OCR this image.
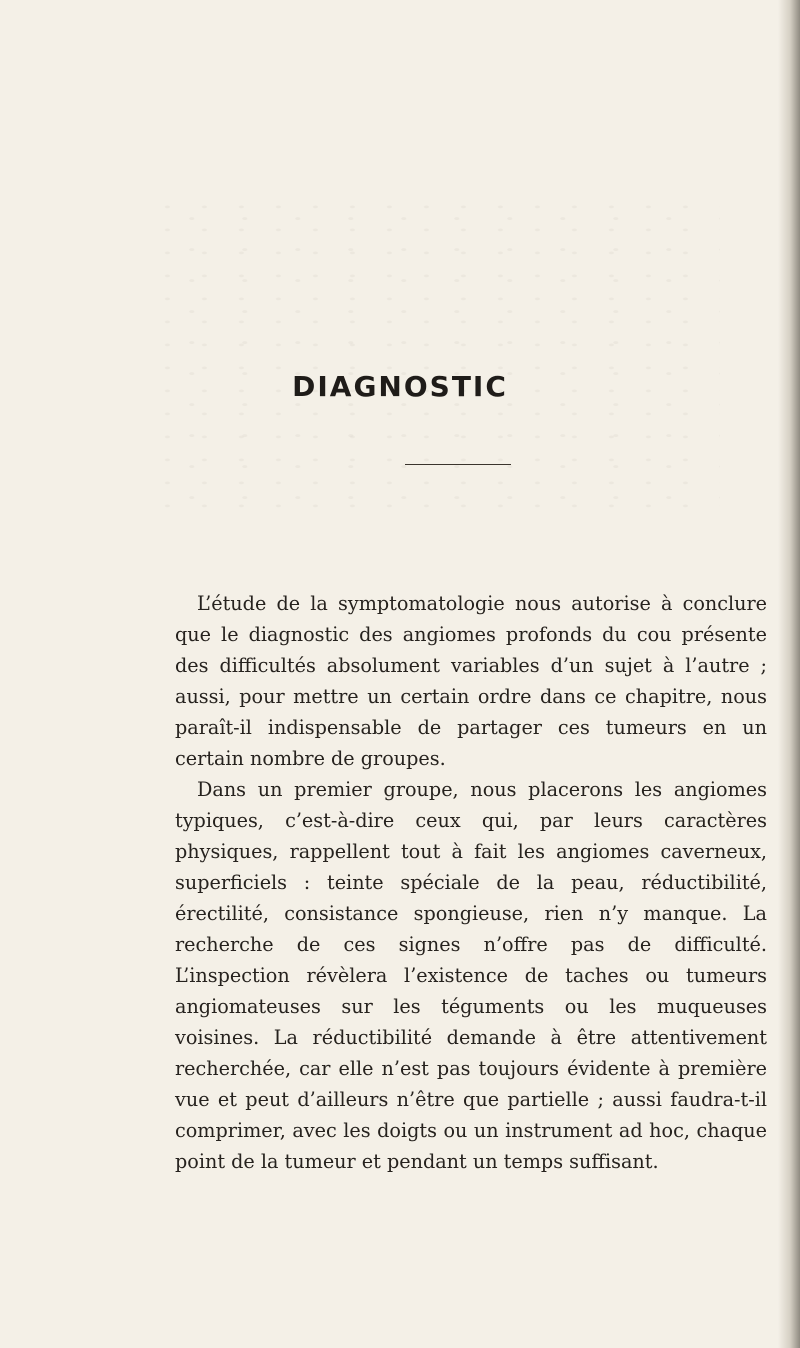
DIAGNOSTIC

L’étude de la symptomatologie nous autorise à conclure que le diagnostic des angiomes profonds du cou présente des difficultés absolument variables d’un sujet à l’autre ; aussi, pour mettre un certain ordre dans ce chapitre, nous paraît-il indispensable de partager ces tumeurs en un certain nombre de groupes.

Dans un premier groupe, nous placerons les angiomes typiques, c’est-à-dire ceux qui, par leurs caractères physiques, rappellent tout à fait les angiomes caverneux, superficiels : teinte spéciale de la peau, réductibilité, érectilité, consistance spongieuse, rien n’y manque. La recherche de ces signes n’offre pas de difficulté. L’inspection révèlera l’existence de taches ou tumeurs angiomateuses sur les téguments ou les muqueuses voisines. La réductibilité demande à être attentivement recherchée, car elle n’est pas toujours évidente à première vue et peut d’ailleurs n’être que partielle ; aussi faudra-t-il comprimer, avec les doigts ou un instrument ad hoc, chaque point de la tumeur et pendant un temps suffisant.
